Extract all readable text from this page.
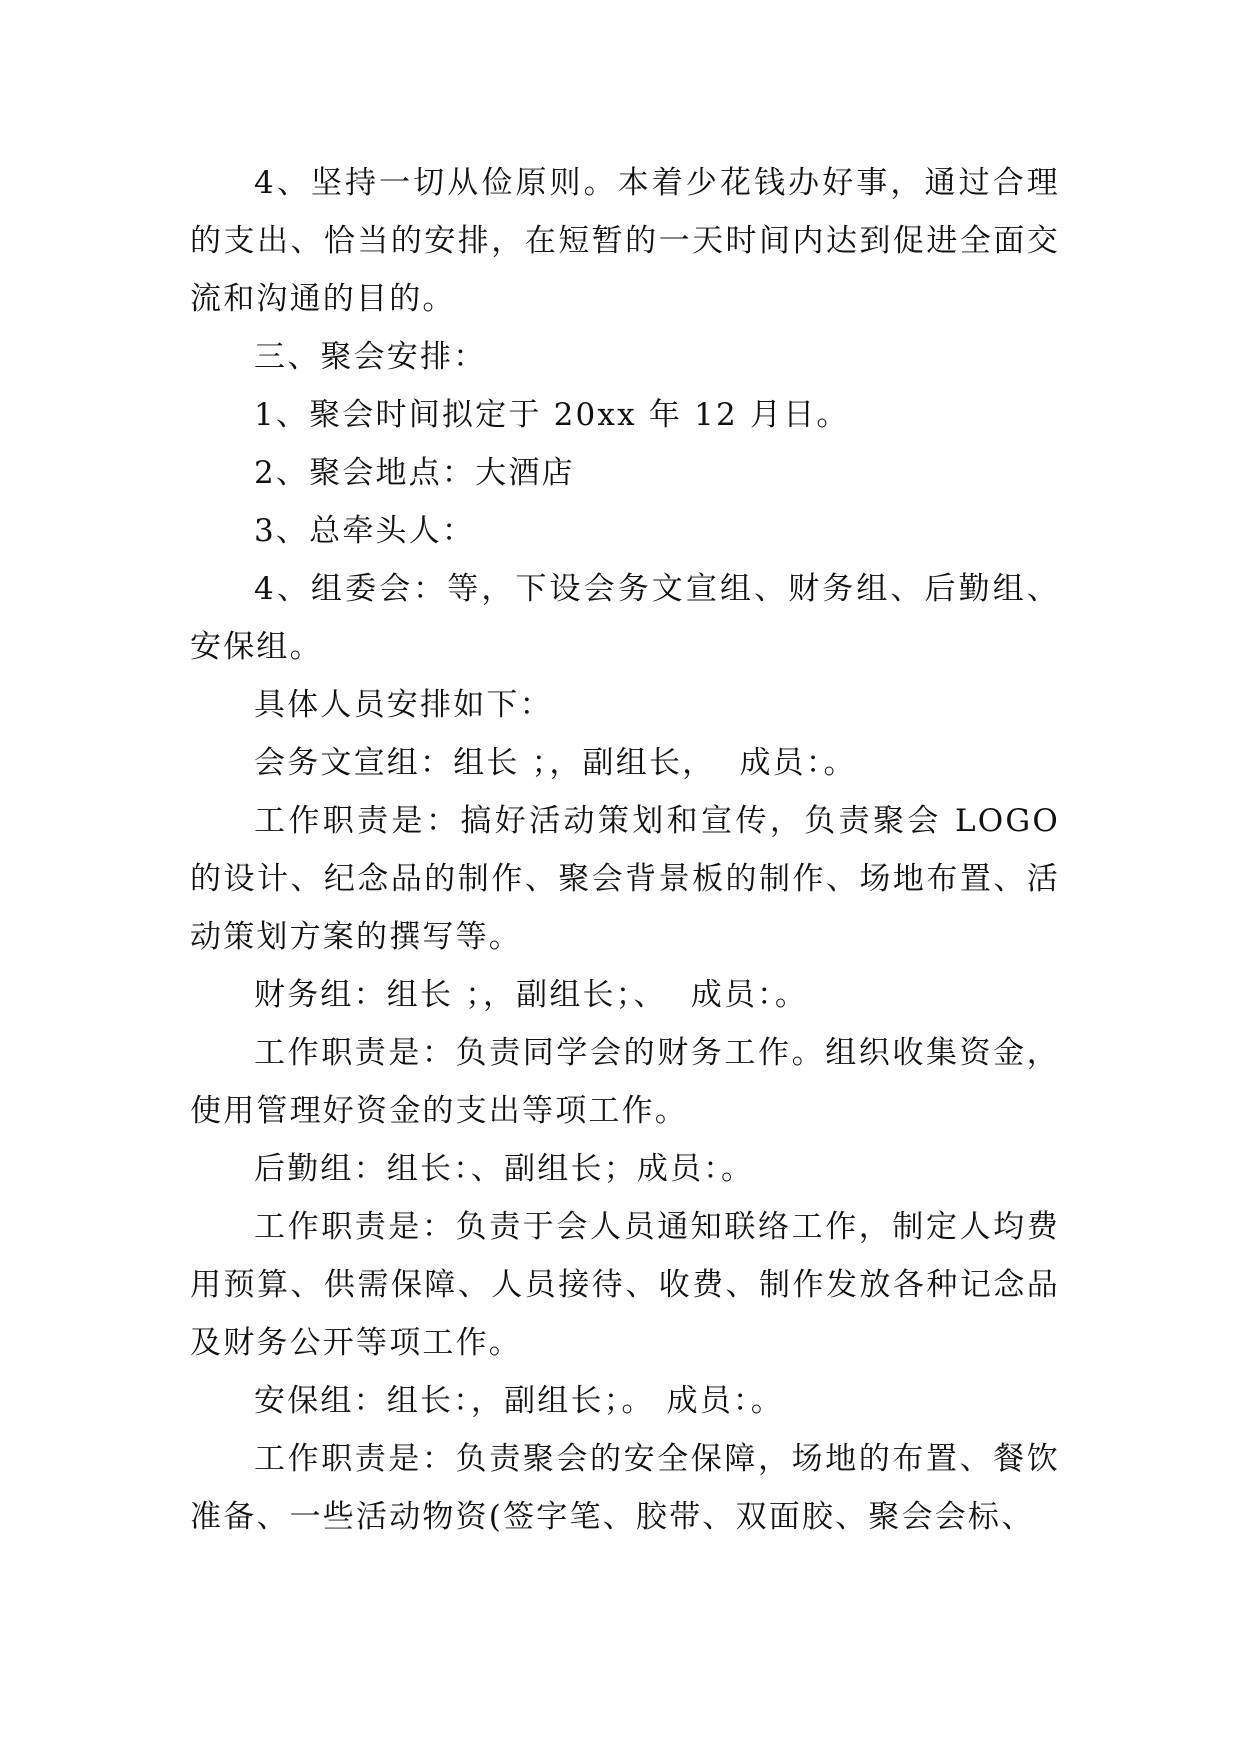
4、坚持一切从俭原则。本着少花钱办好事，通过合理的支出、恰当的安排，在短暂的一天时间内达到促进全面交流和沟通的目的。

三、聚会安排：

1、聚会时间拟定于 20xx 年 12 月日。

2、聚会地点：大酒店

3、总牵头人：

4、组委会：等，下设会务文宣组、财务组、后勤组、安保组。

具体人员安排如下：

会务文宣组：组长 ；，副组长，  成员：。

工作职责是：搞好活动策划和宣传，负责聚会 LOGO 的设计、纪念品的制作、聚会背景板的制作、场地布置、活动策划方案的撰写等。

财务组：组长 ；，副组长；、  成员：。

工作职责是：负责同学会的财务工作。组织收集资金，使用管理好资金的支出等项工作。

后勤组：组长：、副组长；成员：。

工作职责是：负责于会人员通知联络工作，制定人均费用预算、供需保障、人员接待、收费、制作发放各种记念品及财务公开等项工作。

安保组：组长：，副组长；。 成员：。

工作职责是：负责聚会的安全保障，场地的布置、餐饮准备、一些活动物资(签字笔、胶带、双面胶、聚会会标、
